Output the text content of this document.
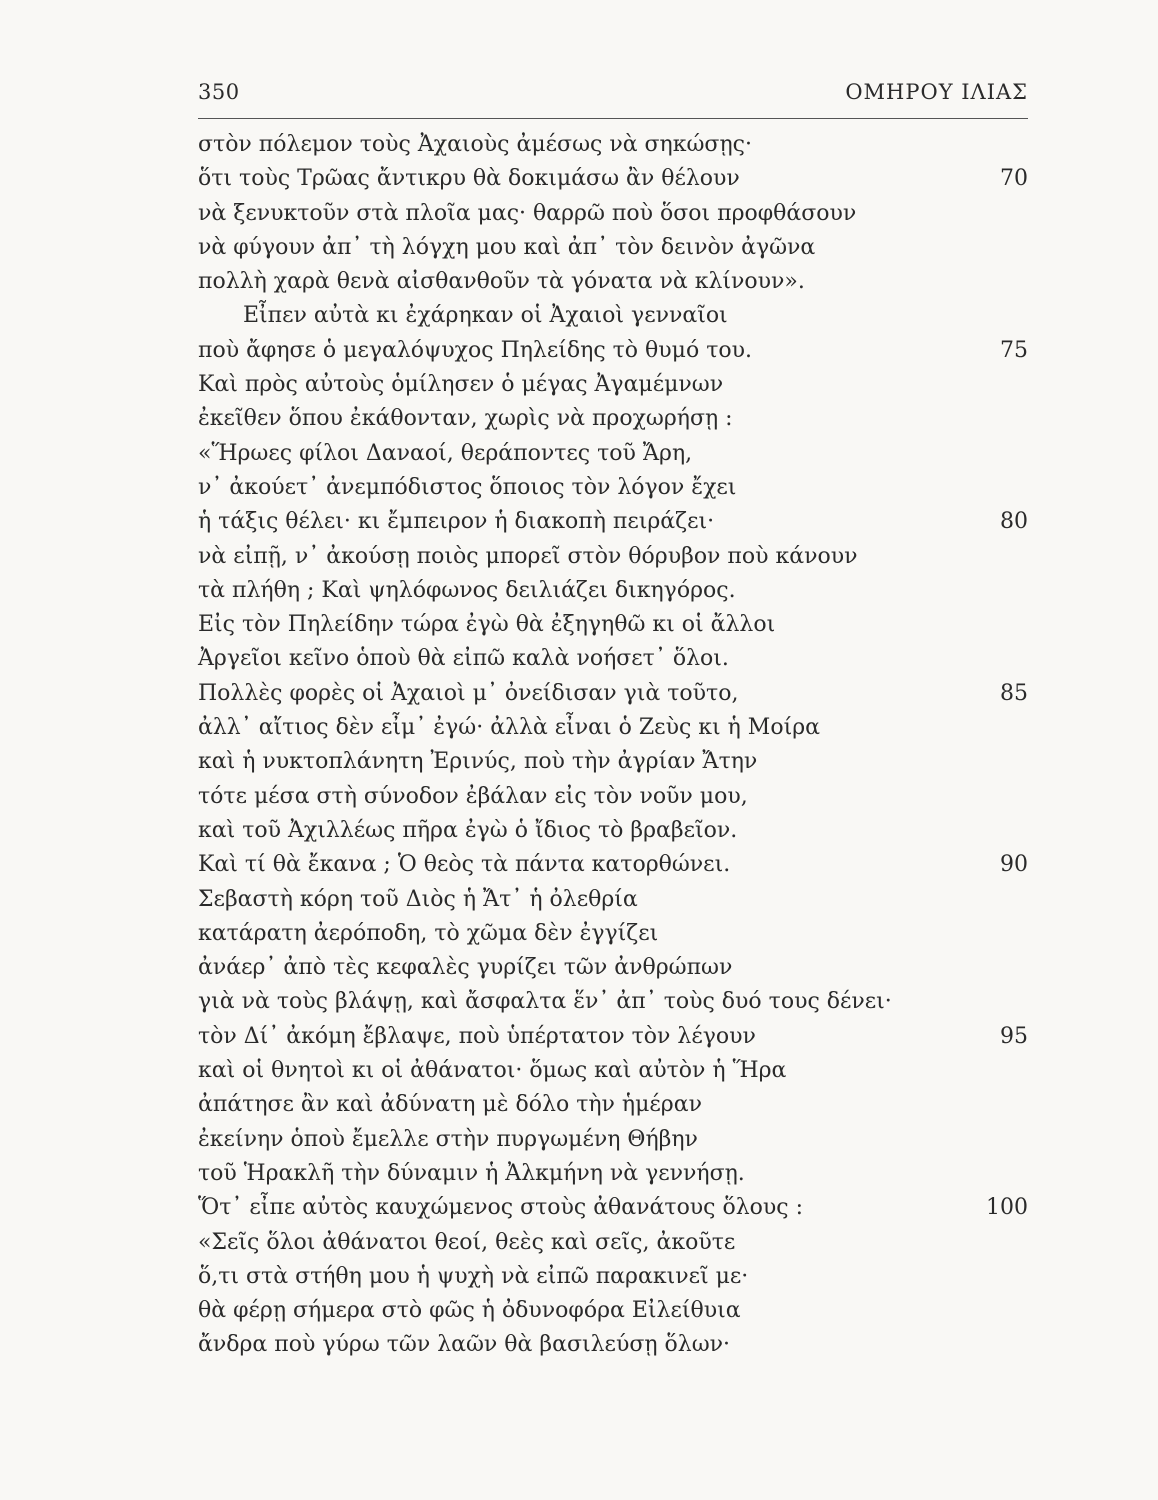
350	ΟΜΗΡΟΥ ΙΛΙΑΣ
στὸν πόλεμον τοὺς Ἀχαιοὺς ἀμέσως νὰ σηκώσῃς·
ὅτι τοὺς Τρῶας ἄντικρυ θὰ δοκιμάσω ἂν θέλουν	70
νὰ ξενυκτοῦν στὰ πλοῖα μας· θαρρῶ ποὺ ὅσοι προφθάσουν
νὰ φύγουν ἀπ᾽ τὴ λόγχη μου καὶ ἀπ᾽ τὸν δεινὸν ἀγῶνα
πολλὴ χαρὰ θενὰ αἰσθανθοῦν τὰ γόνατα νὰ κλίνουν».
Εἶπεν αὐτὰ κι ἐχάρηκαν οἱ Ἀχαιοὶ γενναῖοι
ποὺ ἄφησε ὁ μεγαλόψυχος Πηλείδης τὸ θυμό του.	75
Καὶ πρὸς αὐτοὺς ὁμίλησεν ὁ μέγας Ἀγαμέμνων
ἐκεῖθεν ὅπου ἐκάθονταν, χωρὶς νὰ προχωρήσῃ :
«Ἥρωες φίλοι Δαναοί, θεράποντες τοῦ Ἄρη,
ν᾽ ἀκούετ᾽ ἀνεμπόδιστος ὅποιος τὸν λόγον ἔχει
ἡ τάξις θέλει· κι ἔμπειρον ἡ διακοπὴ πειράζει·	80
νὰ εἰπῇ, ν᾽ ἀκούσῃ ποιὸς μπορεῖ στὸν θόρυβον ποὺ κάνουν
τὰ πλήθη ; Καὶ ψηλόφωνος δειλιάζει δικηγόρος.
Εἰς τὸν Πηλείδην τώρα ἐγὼ θὰ ἐξηγηθῶ κι οἱ ἄλλοι
Ἀργεῖοι κεῖνο ὁποὺ θὰ εἰπῶ καλὰ νοήσετ᾽ ὅλοι.
Πολλὲς φορὲς οἱ Ἀχαιοὶ μ᾽ ὀνείδισαν γιὰ τοῦτο,	85
ἀλλ᾽ αἴτιος δὲν εἶμ᾽ ἐγώ· ἀλλὰ εἶναι ὁ Ζεὺς κι ἡ Μοίρα
καὶ ἡ νυκτοπλάνητη Ἐρινύς, ποὺ τὴν ἀγρίαν Ἄτην
τότε μέσα στὴ σύνοδον ἐβάλαν εἰς τὸν νοῦν μου,
καὶ τοῦ Ἀχιλλέως πῆρα ἐγὼ ὁ ἴδιος τὸ βραβεῖον.
Καὶ τί θὰ ἔκανα ; Ὁ θεὸς τὰ πάντα κατορθώνει.	90
Σεβαστὴ κόρη τοῦ Διὸς ἡ Ἄτ᾽ ἡ ὀλεθρία
κατάρατη ἀερόποδη, τὸ χῶμα δὲν ἐγγίζει
ἀνάερ᾽ ἀπὸ τὲς κεφαλὲς γυρίζει τῶν ἀνθρώπων
γιὰ νὰ τοὺς βλάψῃ, καὶ ἄσφαλτα ἕν᾽ ἀπ᾽ τοὺς δυό τους δένει·
τὸν Δί᾽ ἀκόμη ἔβλαψε, ποὺ ὑπέρτατον τὸν λέγουν	95
καὶ οἱ θνητοὶ κι οἱ ἀθάνατοι· ὅμως καὶ αὐτὸν ἡ Ἥρα
ἀπάτησε ἂν καὶ ἀδύνατη μὲ δόλο τὴν ἡμέραν
ἐκείνην ὁποὺ ἔμελλε στὴν πυργωμένη Θήβην
τοῦ Ἡρακλῆ τὴν δύναμιν ἡ Ἀλκμήνη νὰ γεννήσῃ.
Ὅτ᾽ εἶπε αὐτὸς καυχώμενος στοὺς ἀθανάτους ὅλους :	100
«Σεῖς ὅλοι ἀθάνατοι θεοί, θεὲς καὶ σεῖς, ἀκοῦτε
ὅ,τι στὰ στήθη μου ἡ ψυχὴ νὰ εἰπῶ παρακινεῖ με·
θὰ φέρῃ σήμερα στὸ φῶς ἡ ὀδυνοφόρα Εἰλείθυια
ἄνδρα ποὺ γύρω τῶν λαῶν θὰ βασιλεύσῃ ὅλων·
